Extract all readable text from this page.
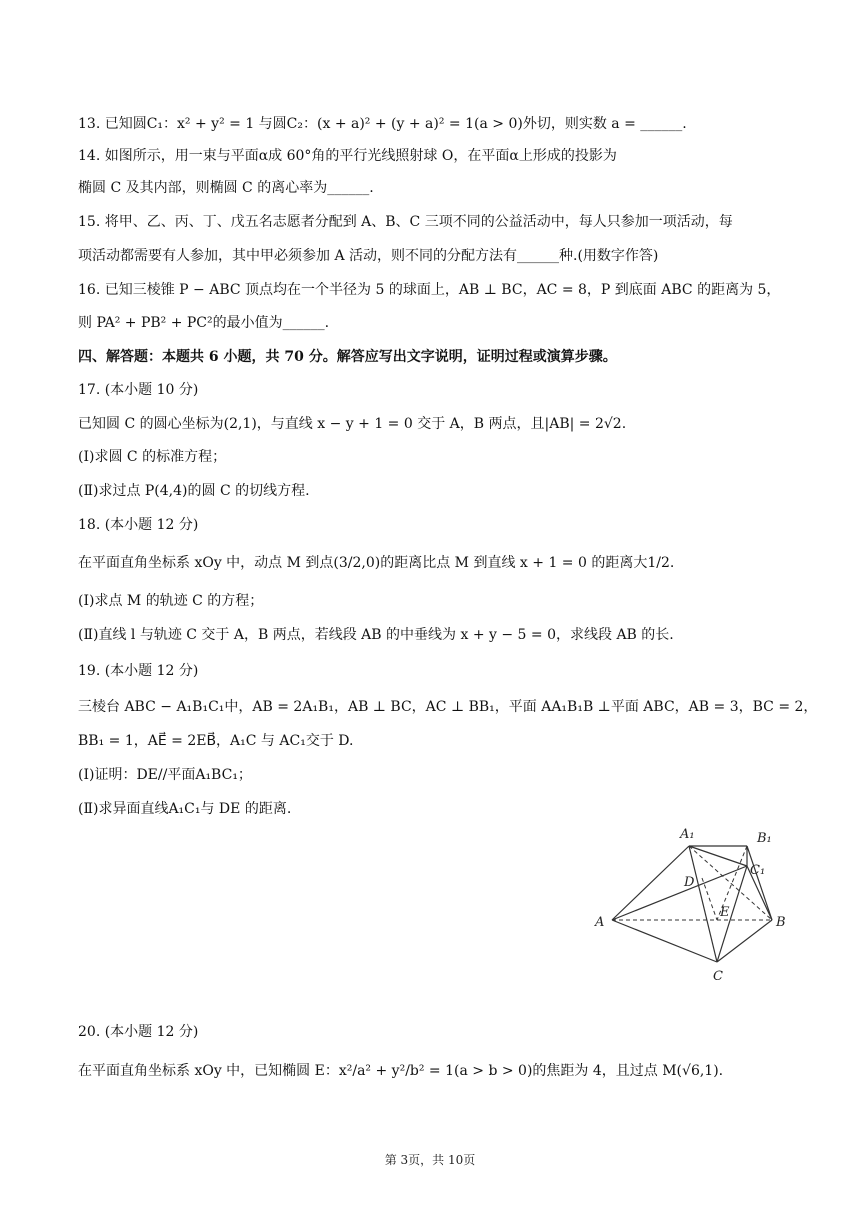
13. 已知圆C₁：x² + y² = 1 与圆C₂：(x + a)² + (y + a)² = 1(a > 0)外切，则实数 a = ______.
14. 如图所示，用一束与平面α成 60°角的平行光线照射球 O，在平面α上形成的投影为
椭圆 C 及其内部，则椭圆 C 的离心率为______.
15. 将甲、乙、丙、丁、戊五名志愿者分配到 A、B、C 三项不同的公益活动中，每人只参加一项活动，每
项活动都需要有人参加，其中甲必须参加 A 活动，则不同的分配方法有______种.(用数字作答)
16. 已知三棱锥 P − ABC 顶点均在一个半径为 5 的球面上，AB ⊥ BC，AC = 8，P 到底面 ABC 的距离为 5，
则 PA² + PB² + PC²的最小值为______.
四、解答题：本题共 6 小题，共 70 分。解答应写出文字说明，证明过程或演算步骤。
17. (本小题 10 分)
已知圆 C 的圆心坐标为(2,1)，与直线 x − y + 1 = 0 交于 A，B 两点，且|AB| = 2√2.
(Ⅰ)求圆 C 的标准方程；
(Ⅱ)求过点 P(4,4)的圆 C 的切线方程.
18. (本小题 12 分)
在平面直角坐标系 xOy 中，动点 M 到点(3/2,0)的距离比点 M 到直线 x + 1 = 0 的距离大1/2.
(Ⅰ)求点 M 的轨迹 C 的方程；
(Ⅱ)直线 l 与轨迹 C 交于 A，B 两点，若线段 AB 的中垂线为 x + y − 5 = 0，求线段 AB 的长.
19. (本小题 12 分)
三棱台 ABC − A₁B₁C₁中，AB = 2A₁B₁，AB ⊥ BC，AC ⊥ BB₁，平面 AA₁B₁B ⊥平面 ABC，AB = 3，BC = 2，
BB₁ = 1，AE⃗ = 2EB⃗，A₁C 与 AC₁交于 D.
(Ⅰ)证明：DE//平面A₁BC₁；
(Ⅱ)求异面直线A₁C₁与 DE 的距离.
A₁	B₁
C₁
D
E
A	B
C
20. (本小题 12 分)
在平面直角坐标系 xOy 中，已知椭圆 E：x²/a² + y²/b² = 1(a > b > 0)的焦距为 4，且过点 M(√6,1).
第 3页，共 10页
